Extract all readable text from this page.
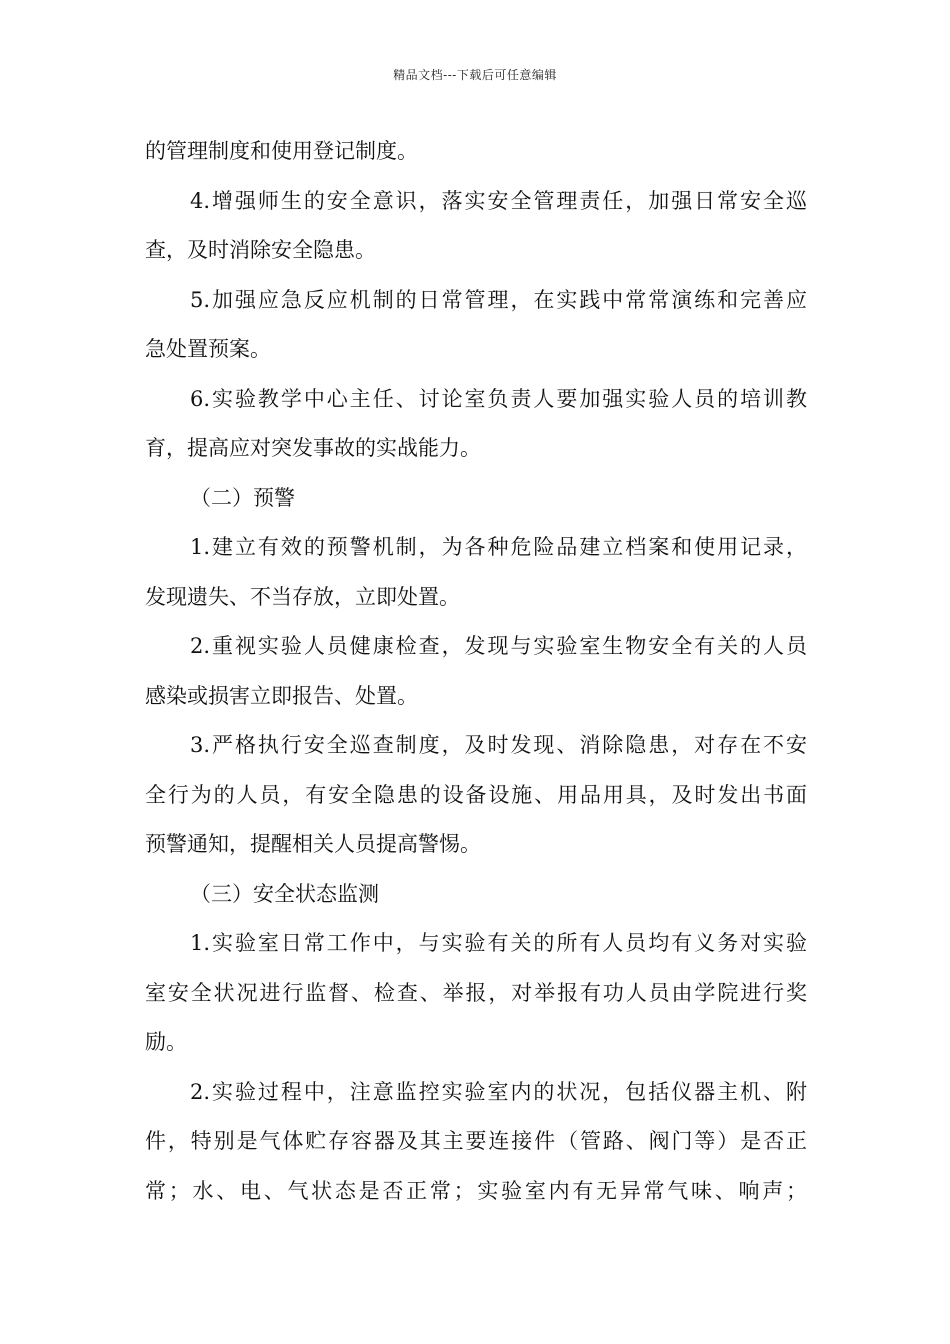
精品文档---下载后可任意编辑
的管理制度和使用登记制度。
4.增强师生的安全意识，落实安全管理责任，加强日常安全巡
查，及时消除安全隐患。
5.加强应急反应机制的日常管理，在实践中常常演练和完善应
急处置预案。
6.实验教学中心主任、讨论室负责人要加强实验人员的培训教
育，提高应对突发事故的实战能力。
（二）预警
1.建立有效的预警机制，为各种危险品建立档案和使用记录，
发现遗失、不当存放，立即处置。
2.重视实验人员健康检查，发现与实验室生物安全有关的人员
感染或损害立即报告、处置。
3.严格执行安全巡查制度，及时发现、消除隐患，对存在不安
全行为的人员，有安全隐患的设备设施、用品用具，及时发出书面
预警通知，提醒相关人员提高警惕。
（三）安全状态监测
1.实验室日常工作中，与实验有关的所有人员均有义务对实验
室安全状况进行监督、检查、举报，对举报有功人员由学院进行奖
励。
2.实验过程中，注意监控实验室内的状况，包括仪器主机、附
件，特别是气体贮存容器及其主要连接件（管路、阀门等）是否正
常；水、电、气状态是否正常；实验室内有无异常气味、响声；
